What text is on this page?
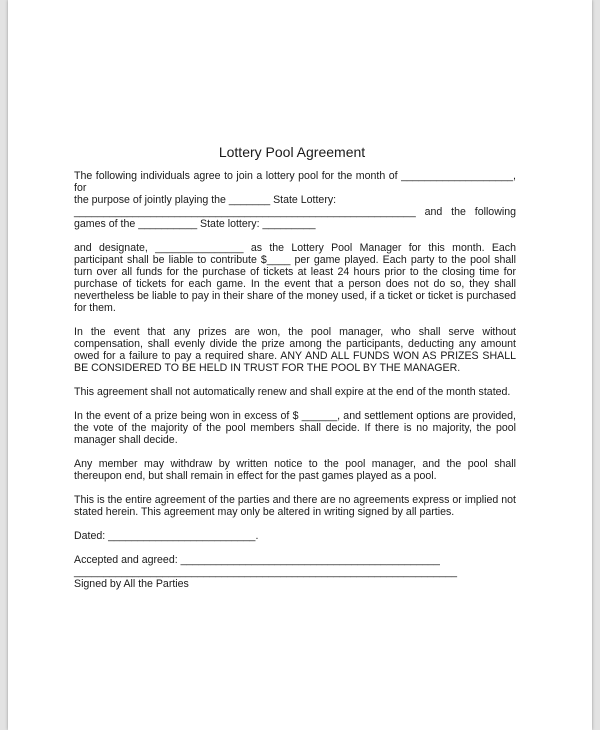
Lottery Pool Agreement

The following individuals agree to join a lottery pool for the month of ___________________, for

the purpose of jointly playing the _______ State Lottery:

__________________________________________________________ and the following

games of the __________ State lottery: _________

and designate, _______________ as the Lottery Pool Manager for this month. Each participant shall be liable to contribute $____ per game played. Each party to the pool shall turn over all funds for the purchase of tickets at least 24 hours prior to the closing time for purchase of tickets for each game. In the event that a person does not do so, they shall nevertheless be liable to pay in their share of the money used, if a ticket or ticket is purchased for them.

In the event that any prizes are won, the pool manager, who shall serve without compensation, shall evenly divide the prize among the participants, deducting any amount owed for a failure to pay a required share. ANY AND ALL FUNDS WON AS PRIZES SHALL BE CONSIDERED TO BE HELD IN TRUST FOR THE POOL BY THE MANAGER.

This agreement shall not automatically renew and shall expire at the end of the month stated.

In the event of a prize being won in excess of $ ______, and settlement options are provided, the vote of the majority of the pool members shall decide. If there is no majority, the pool manager shall decide.

Any member may withdraw by written notice to the pool manager, and the pool shall thereupon end, but shall remain in effect for the past games played as a pool.

This is the entire agreement of the parties and there are no agreements express or implied not stated herein. This agreement may only be altered in writing signed by all parties.

Dated: _________________________.

Accepted and agreed: ____________________________________________

_________________________________________________________________

Signed by All the Parties
